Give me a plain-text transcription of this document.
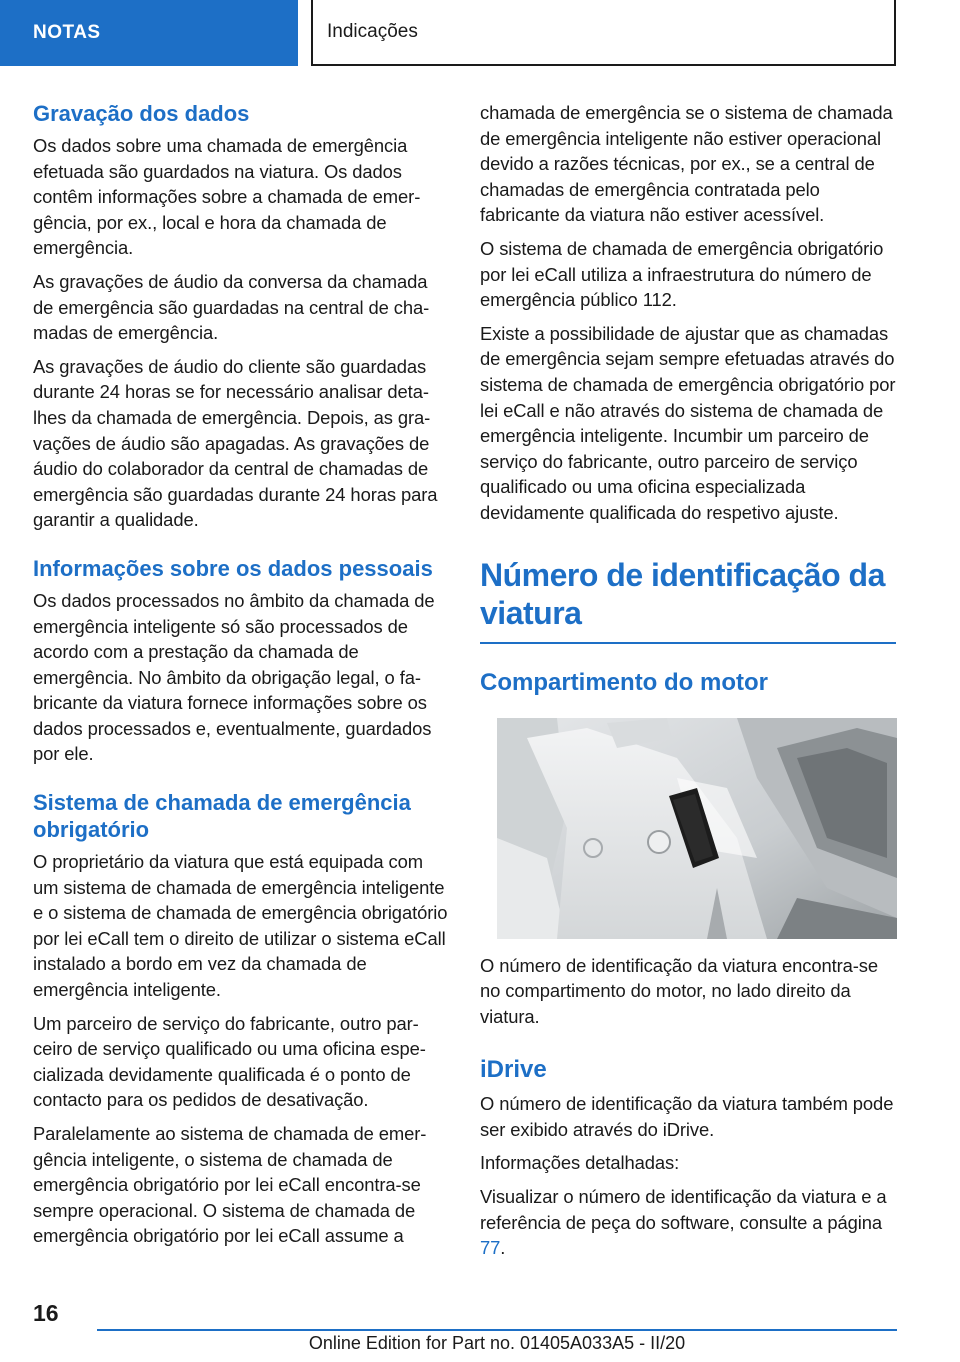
NOTAS	Indicações
Gravação dos dados

Os dados sobre uma chamada de emergência efetuada são guardados na viatura. Os dados contêm informações sobre a chamada de emergência, por ex., local e hora da chamada de emergência.

As gravações de áudio da conversa da chamada de emergência são guardadas na central de chamadas de emergência.

As gravações de áudio do cliente são guardadas durante 24 horas se for necessário analisar detalhes da chamada de emergência. Depois, as gravações de áudio são apagadas. As gravações de áudio do colaborador da central de chamadas de emergência são guardadas durante 24 horas para garantir a qualidade.

Informações sobre os dados pessoais

Os dados processados no âmbito da chamada de emergência inteligente só são processados de acordo com a prestação da chamada de emergência. No âmbito da obrigação legal, o fabricante da viatura fornece informações sobre os dados processados e, eventualmente, guardados por ele.

Sistema de chamada de emergência obrigatório

O proprietário da viatura que está equipada com um sistema de chamada de emergência inteligente e o sistema de chamada de emergência obrigatório por lei eCall tem o direito de utilizar o sistema eCall instalado a bordo em vez da chamada de emergência inteligente.

Um parceiro de serviço do fabricante, outro parceiro de serviço qualificado ou uma oficina especializada devidamente qualificada é o ponto de contacto para os pedidos de desativação.

Paralelamente ao sistema de chamada de emergência inteligente, o sistema de chamada de emergência obrigatório por lei eCall encontra-se sempre operacional. O sistema de chamada de emergência obrigatório por lei eCall assume a

chamada de emergência se o sistema de chamada de emergência inteligente não estiver operacional devido a razões técnicas, por ex., se a central de chamadas de emergência contratada pelo fabricante da viatura não estiver acessível.

O sistema de chamada de emergência obrigatório por lei eCall utiliza a infraestrutura do número de emergência público 112.

Existe a possibilidade de ajustar que as chamadas de emergência sejam sempre efetuadas através do sistema de chamada de emergência obrigatório por lei eCall e não através do sistema de chamada de emergência inteligente. Incumbir um parceiro de serviço do fabricante, outro parceiro de serviço qualificado ou uma oficina especializada devidamente qualificada do respetivo ajuste.

Número de identificação da viatura
Compartimento do motor

O número de identificação da viatura encontra-se no compartimento do motor, no lado direito da viatura.

iDrive

O número de identificação da viatura também pode ser exibido através do iDrive.

Informações detalhadas:

Visualizar o número de identificação da viatura e a referência de peça do software, consulte a página 77.

16
Online Edition for Part no. 01405A033A5 - II/20
